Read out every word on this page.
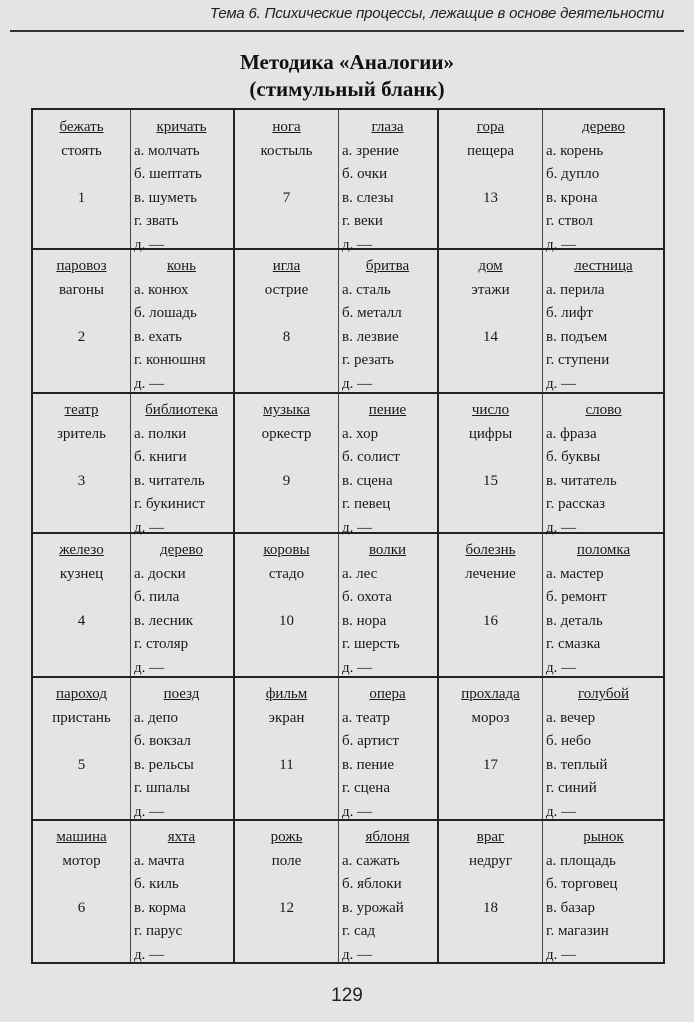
Тема 6. Психические процессы, лежащие в основе деятельности
Методика «Аналогии»
(стимульный бланк)
бежать
стоять
1
кричать
а. молчать
б. шептать
в. шуметь
г. звать
д. —
нога
костыль
7
глаза
а. зрение
б. очки
в. слезы
г. веки
д. —
гора
пещера
13
дерево
а. корень
б. дупло
в. крона
г. ствол
д. —
паровоз
вагоны
2
конь
а. конюх
б. лошадь
в. ехать
г. конюшня
д. —
игла
острие
8
бритва
а. сталь
б. металл
в. лезвие
г. резать
д. —
дом
этажи
14
лестница
а. перила
б. лифт
в. подъем
г. ступени
д. —
театр
зритель
3
библиотека
а. полки
б. книги
в. читатель
г. букинист
д. —
музыка
оркестр
9
пение
а. хор
б. солист
в. сцена
г. певец
д. —
число
цифры
15
слово
а. фраза
б. буквы
в. читатель
г. рассказ
д. —
железо
кузнец
4
дерево
а. доски
б. пила
в. лесник
г. столяр
д. —
коровы
стадо
10
волки
а. лес
б. охота
в. нора
г. шерсть
д. —
болезнь
лечение
16
поломка
а. мастер
б. ремонт
в. деталь
г. смазка
д. —
пароход
пристань
5
поезд
а. депо
б. вокзал
в. рельсы
г. шпалы
д. —
фильм
экран
11
опера
а. театр
б. артист
в. пение
г. сцена
д. —
прохлада
мороз
17
голубой
а. вечер
б. небо
в. теплый
г. синий
д. —
машина
мотор
6
яхта
а. мачта
б. киль
в. корма
г. парус
д. —
рожь
поле
12
яблоня
а. сажать
б. яблоки
в. урожай
г. сад
д. —
враг
недруг
18
рынок
а. площадь
б. торговец
в. базар
г. магазин
д. —
129
